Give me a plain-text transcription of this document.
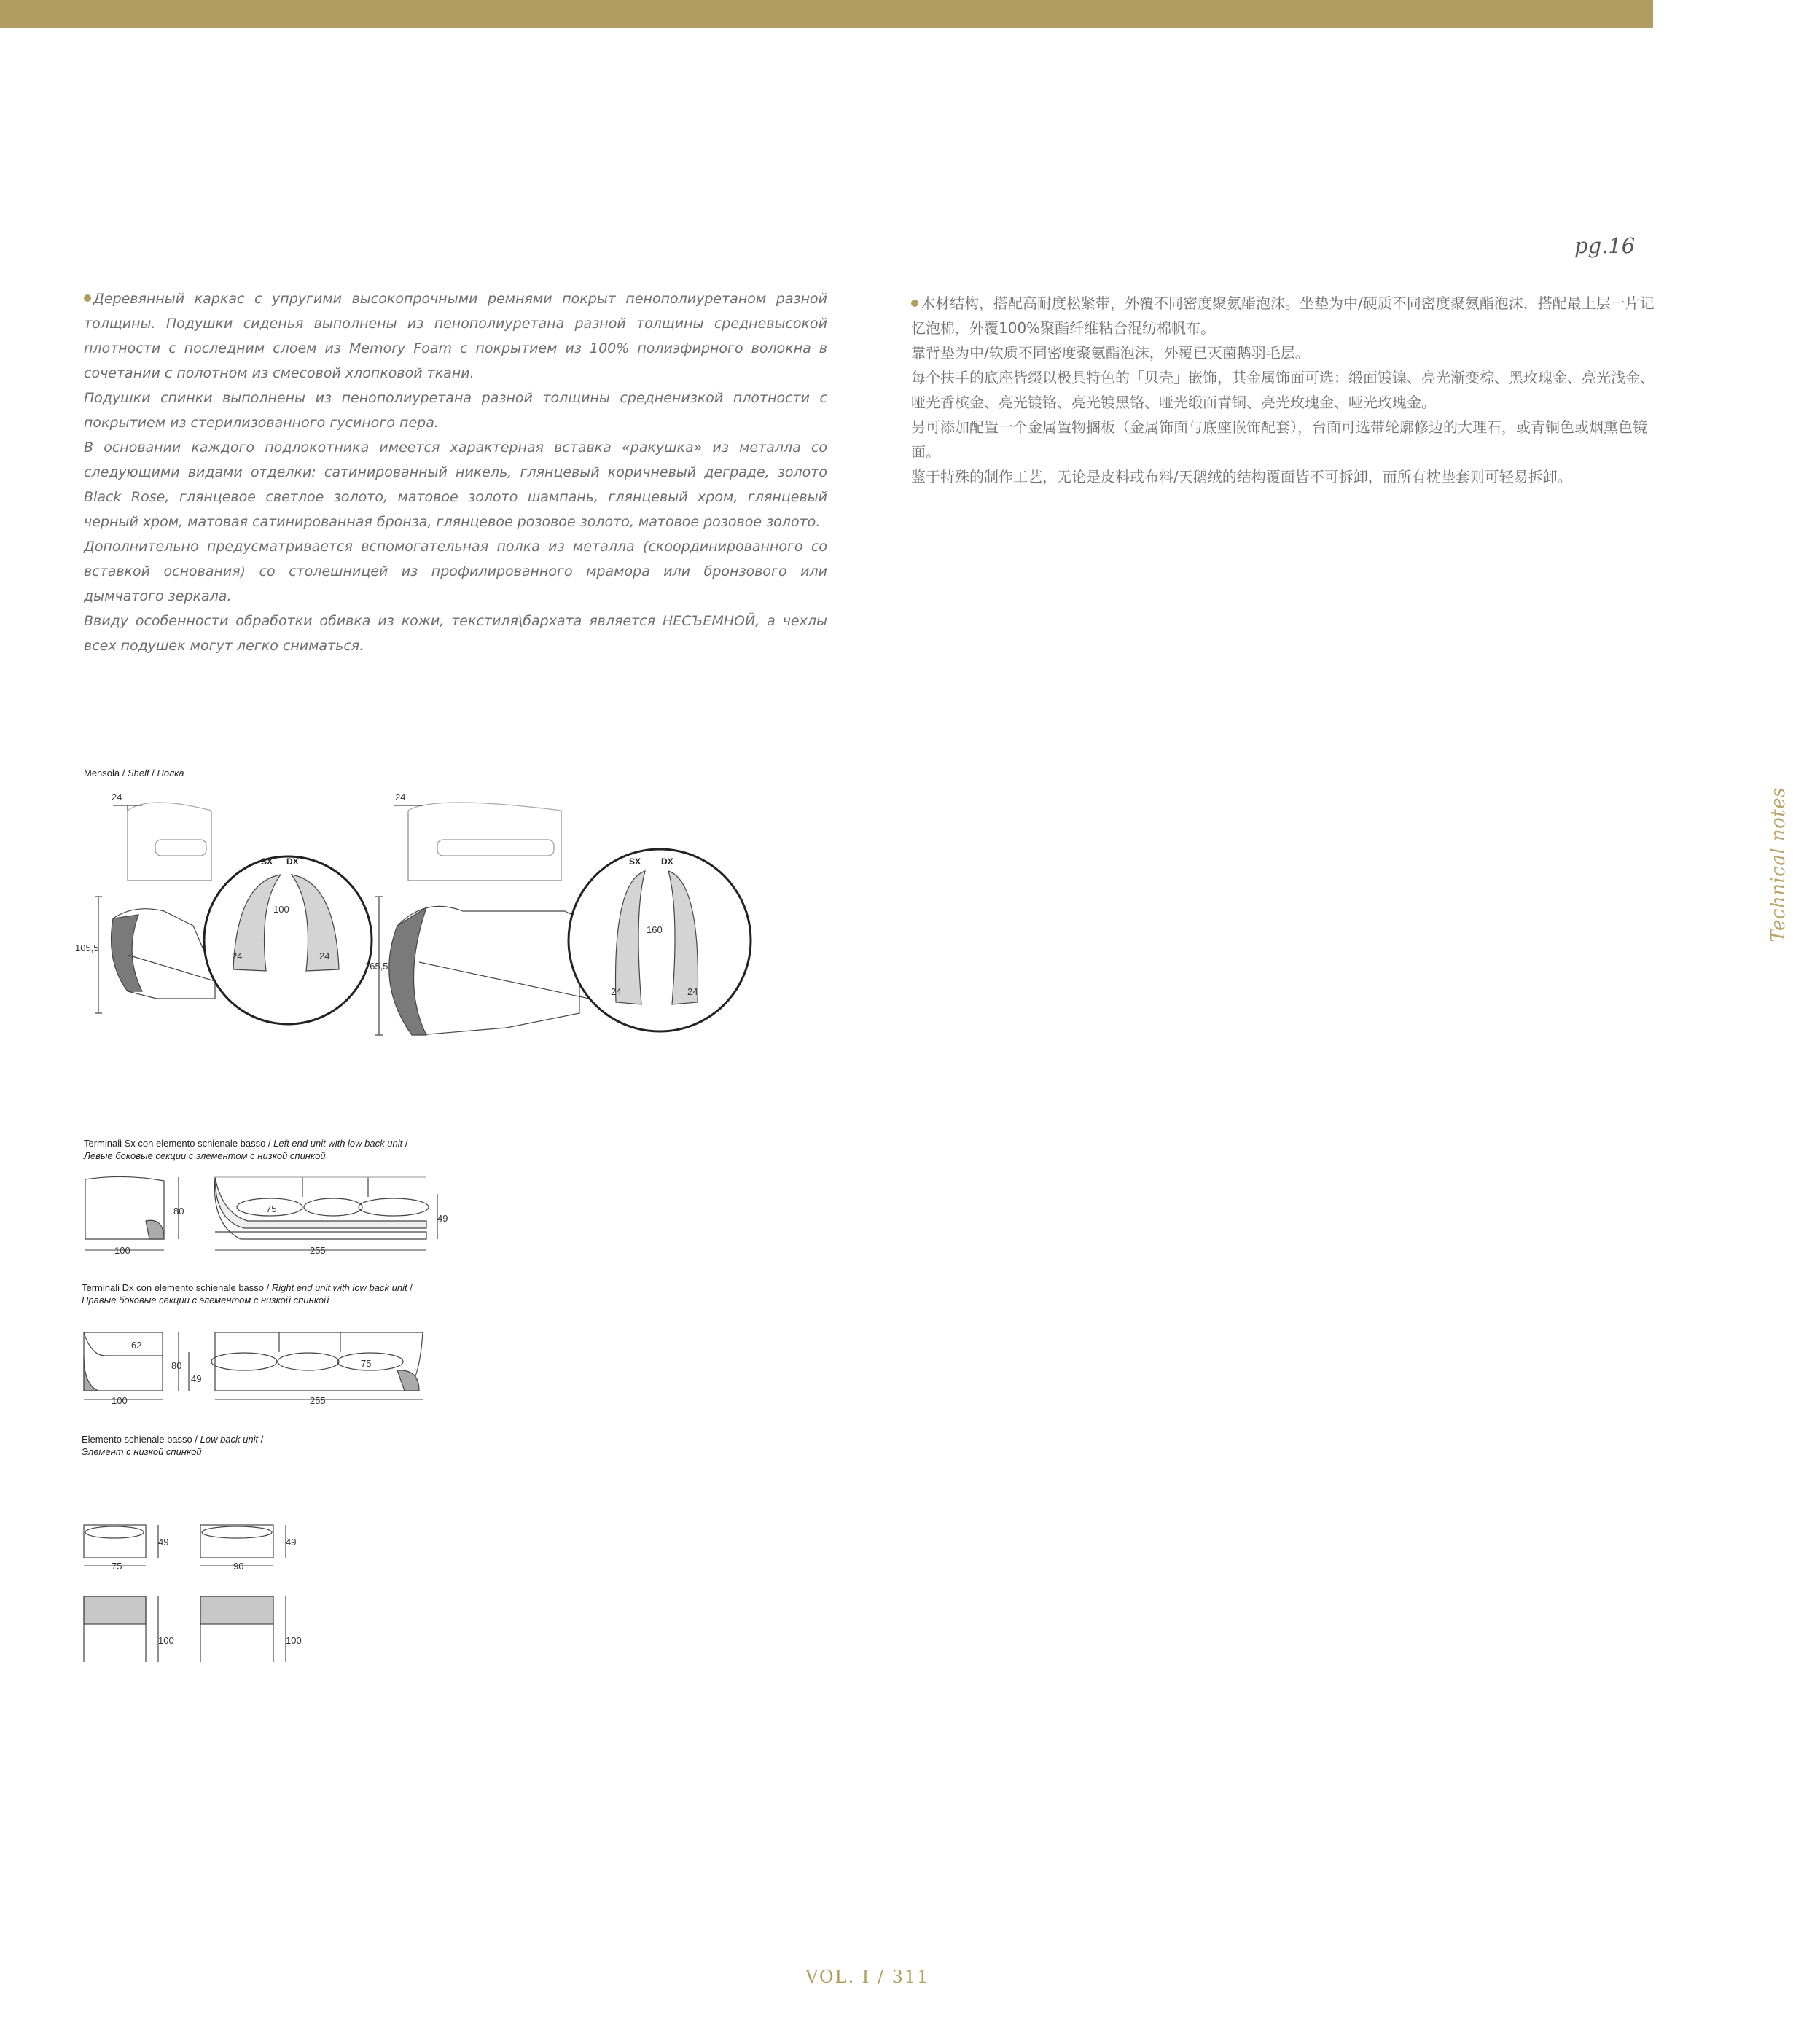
pg.16
Technical notes

Деревянный каркас с упругими высокопрочными ремнями покрыт пенополиуретаном разной толщины. Подушки сиденья выполнены из пенополиуретана разной толщины средневысокой плотности с последним слоем из Memory Foam с покрытием из 100% полиэфирного волокна в сочетании с полотном из смесовой хлопковой ткани.

Подушки спинки выполнены из пенополиуретана разной толщины средненизкой плотности с покрытием из стерилизованного гусиного пера.

В основании каждого подлокотника имеется характерная вставка «ракушка» из металла со следующими видами отделки: сатинированный никель, глянцевый коричневый деграде, золото Black Rose, глянцевое светлое золото, матовое золото шампань, глянцевый хром, глянцевый черный хром, матовая сатинированная бронза, глянцевое розовое золото, матовое розовое золото.

Дополнительно предусматривается вспомогательная полка из металла (скоординированного со вставкой основания) со столешницей из профилированного мрамора или бронзового или дымчатого зеркала.

Ввиду особенности обработки обивка из кожи, текстиля\бархата является НЕСЪЕМНОЙ, а чехлы всех подушек могут легко сниматься.

木材结构，搭配高耐度松紧带，外覆不同密度聚氨酯泡沫。坐垫为中/硬质不同密度聚氨酯泡沫，搭配最上层一片记忆泡棉，外覆100%聚酯纤维粘合混纺棉帆布。

靠背垫为中/软质不同密度聚氨酯泡沫，外覆已灭菌鹅羽毛层。

每个扶手的底座皆缀以极具特色的「贝壳」嵌饰，其金属饰面可选：缎面镀镍、亮光渐变棕、黑玫瑰金、亮光浅金、哑光香槟金、亮光镀铬、亮光镀黑铬、哑光缎面青铜、亮光玫瑰金、哑光玫瑰金。

另可添加配置一个金属置物搁板（金属饰面与底座嵌饰配套），台面可选带轮廓修边的大理石，或青铜色或烟熏色镜面。

鉴于特殊的制作工艺，无论是皮料或布料/天鹅绒的结构覆面皆不可拆卸，而所有枕垫套则可轻易拆卸。

Mensola / Shelf / Полка
Terminali Sx con elemento schienale basso / Left end unit with low back unit /
Левые боковые секции с элементом с низкой спинкой
Terminali Dx con elemento schienale basso / Right end unit with low back unit /
Правые боковые секции с элементом с низкой спинкой
Elemento schienale basso / Low back unit /
Элемент с низкой спинкой
SX DX
100
24	24
24
105,5
SX DX
160
24	24
24
165,5
100
80	75
255
49
62
80
49
75
100	255
75	90
49	49
100	100
VOL. I / 311
